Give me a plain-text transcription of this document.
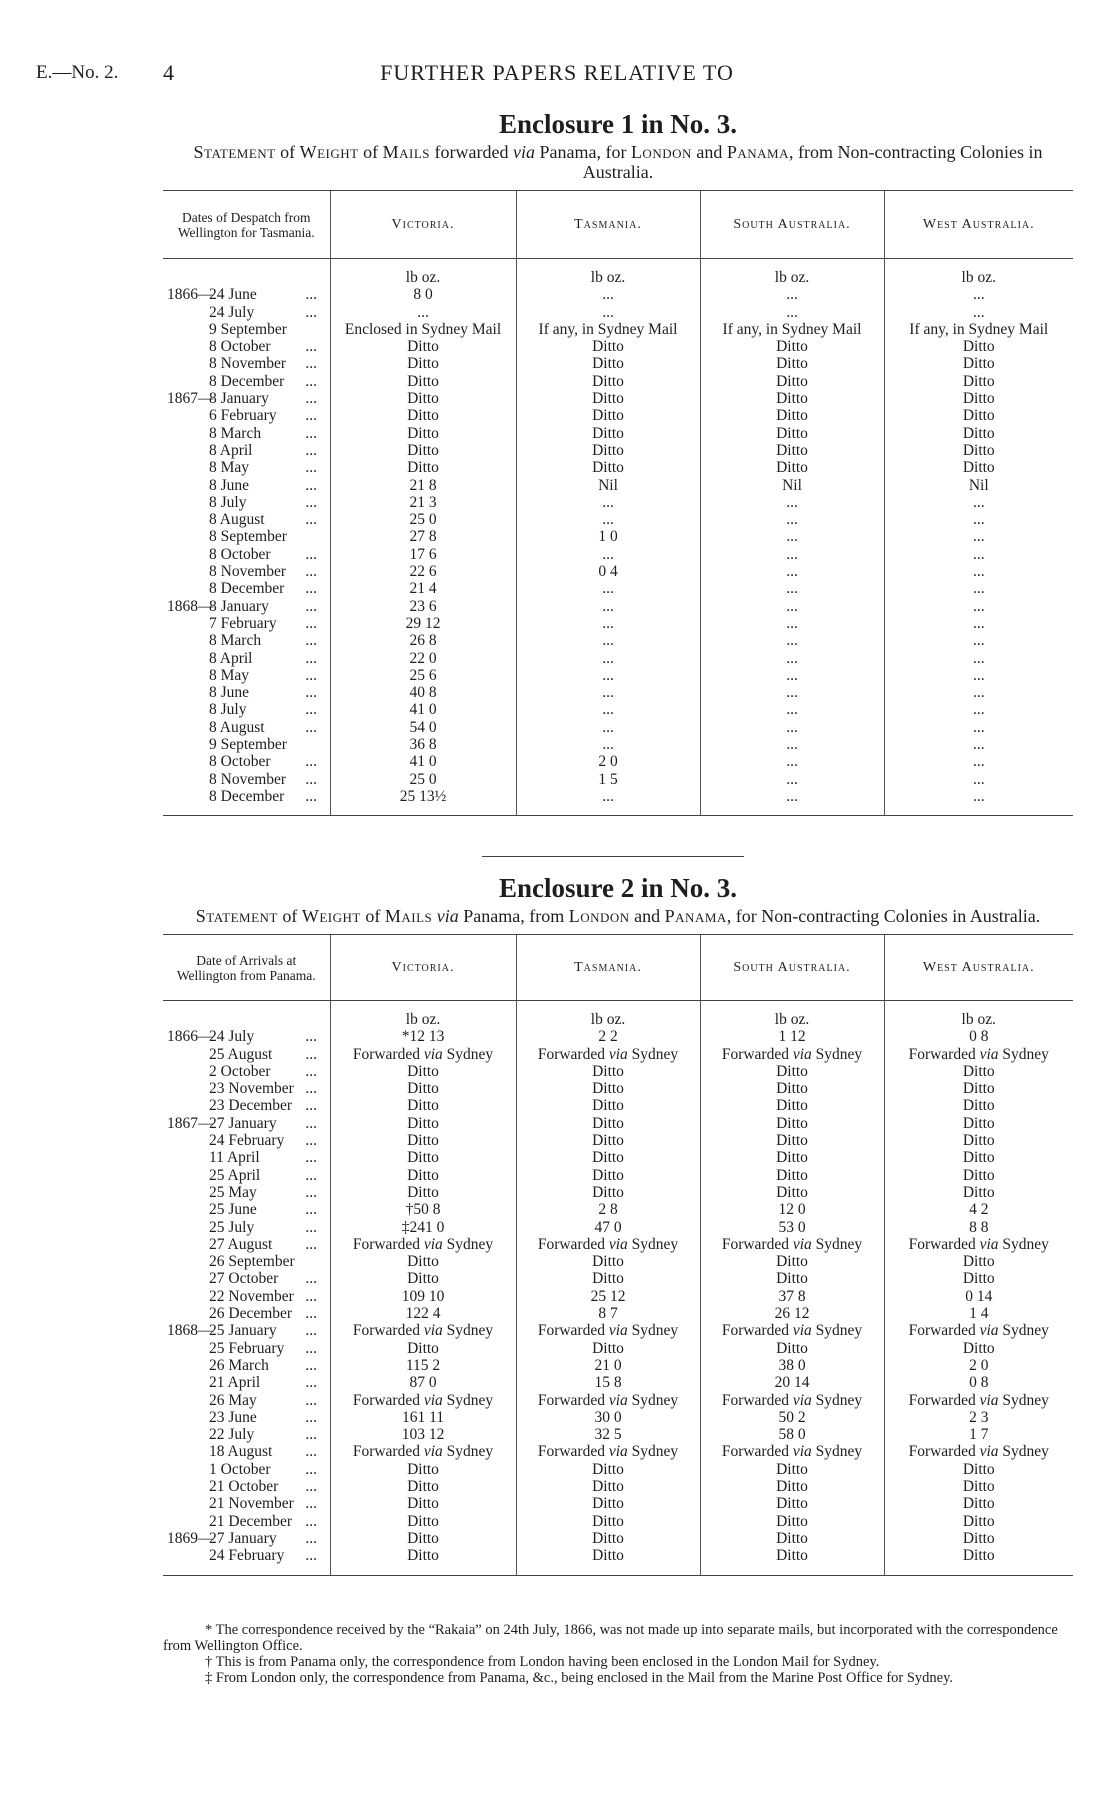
E.—No. 2. 4	FURTHER PAPERS RELATIVE TO
Enclosure 1 in No. 3.

Statement of Weight of Mails forwarded via Panama, for London and Panama, from Non-contracting Colonies in Australia.

Dates of Despatch from Wellington for Tasmania.	Victoria.	Tasmania.	South Australia.	West Australia.
	lb oz.	lb oz.	lb oz.	lb oz.
1866—24 June ...	8 0	...	...	...
24 July ...	...	...	...	...
9 September	Enclosed in Sydney Mail	If any, in Sydney Mail	If any, in Sydney Mail	If any, in Sydney Mail
8 October ...	Ditto	Ditto	Ditto	Ditto
8 November ...	Ditto	Ditto	Ditto	Ditto
8 December ...	Ditto	Ditto	Ditto	Ditto
1867—8 January ...	Ditto	Ditto	Ditto	Ditto
6 February ...	Ditto	Ditto	Ditto	Ditto
8 March ...	Ditto	Ditto	Ditto	Ditto
8 April ...	Ditto	Ditto	Ditto	Ditto
8 May ...	Ditto	Ditto	Ditto	Ditto
8 June ...	21 8	Nil	Nil	Nil
8 July ...	21 3	...	...	...
8 August ...	25 0	...	...	...
8 September	27 8	1 0	...	...
8 October ...	17 6	...	...	...
8 November ...	22 6	0 4	...	...
8 December ...	21 4	...	...	...
1868—8 January ...	23 6	...	...	...
7 February ...	29 12	...	...	...
8 March ...	26 8	...	...	...
8 April ...	22 0	...	...	...
8 May ...	25 6	...	...	...
8 June ...	40 8	...	...	...
8 July ...	41 0	...	...	...
8 August ...	54 0	...	...	...
9 September	36 8	...	...	...
8 October ...	41 0	2 0	...	...
8 November ...	25 0	1 5	...	...
8 December ...	25 13½	...	...	...
Enclosure 2 in No. 3.

Statement of Weight of Mails via Panama, from London and Panama, for Non-contracting Colonies in Australia.

Date of Arrivals at Wellington from Panama.	Victoria.	Tasmania.	South Australia.	West Australia.
	lb oz.	lb oz.	lb oz.	lb oz.
1866—24 July ...	*12 13	2 2	1 12	0 8
25 August ...	Forwarded via Sydney	Forwarded via Sydney	Forwarded via Sydney	Forwarded via Sydney
2 October ...	Ditto	Ditto	Ditto	Ditto
23 November ...	Ditto	Ditto	Ditto	Ditto
23 December ...	Ditto	Ditto	Ditto	Ditto
1867—27 January ...	Ditto	Ditto	Ditto	Ditto
24 February ...	Ditto	Ditto	Ditto	Ditto
11 April ...	Ditto	Ditto	Ditto	Ditto
25 April ...	Ditto	Ditto	Ditto	Ditto
25 May ...	Ditto	Ditto	Ditto	Ditto
25 June ...	†50 8	2 8	12 0	4 2
25 July ...	‡241 0	47 0	53 0	8 8
27 August ...	Forwarded via Sydney	Forwarded via Sydney	Forwarded via Sydney	Forwarded via Sydney
26 September	Ditto	Ditto	Ditto	Ditto
27 October ...	Ditto	Ditto	Ditto	Ditto
22 November ...	109 10	25 12	37 8	0 14
26 December ...	122 4	8 7	26 12	1 4
1868—25 January ...	Forwarded via Sydney	Forwarded via Sydney	Forwarded via Sydney	Forwarded via Sydney
25 February ...	Ditto	Ditto	Ditto	Ditto
26 March ...	115 2	21 0	38 0	2 0
21 April ...	87 0	15 8	20 14	0 8
26 May ...	Forwarded via Sydney	Forwarded via Sydney	Forwarded via Sydney	Forwarded via Sydney
23 June ...	161 11	30 0	50 2	2 3
22 July ...	103 12	32 5	58 0	1 7
18 August ...	Forwarded via Sydney	Forwarded via Sydney	Forwarded via Sydney	Forwarded via Sydney
1 October ...	Ditto	Ditto	Ditto	Ditto
21 October ...	Ditto	Ditto	Ditto	Ditto
21 November ...	Ditto	Ditto	Ditto	Ditto
21 December ...	Ditto	Ditto	Ditto	Ditto
1869—27 January ...	Ditto	Ditto	Ditto	Ditto
24 February ...	Ditto	Ditto	Ditto	Ditto

* The correspondence received by the “Rakaia” on 24th July, 1866, was not made up into separate mails, but incorporated with the correspondence from Wellington Office.

† This is from Panama only, the correspondence from London having been enclosed in the London Mail for Sydney.

‡ From London only, the correspondence from Panama, &c., being enclosed in the Mail from the Marine Post Office for Sydney.
